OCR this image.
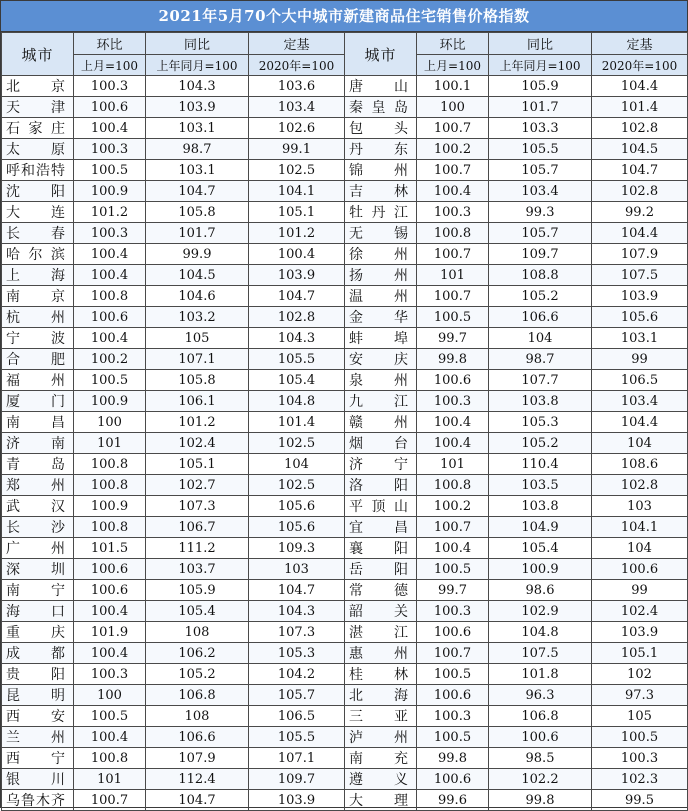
2021年5月70个大中城市新建商品住宅销售价格指数
城市	环比	同比	定基	城市	环比	同比	定基
	上月=100	上年同月=100	2020年=100		上月=100	上年同月=100	2020年=100
北京	100.3	104.3	103.6	唐山	100.1	105.9	104.4
天津	100.6	103.9	103.4	秦皇岛	100	101.7	101.4
石家庄	100.4	103.1	102.6	包头	100.7	103.3	102.8
太原	100.3	98.7	99.1	丹东	100.2	105.5	104.5
呼和浩特	100.5	103.1	102.5	锦州	100.7	105.7	104.7
沈阳	100.9	104.7	104.1	吉林	100.4	103.4	102.8
大连	101.2	105.8	105.1	牡丹江	100.3	99.3	99.2
长春	100.3	101.7	101.2	无锡	100.8	105.7	104.4
哈尔滨	100.4	99.9	100.4	徐州	100.7	109.7	107.9
上海	100.4	104.5	103.9	扬州	101	108.8	107.5
南京	100.8	104.6	104.7	温州	100.7	105.2	103.9
杭州	100.6	103.2	102.8	金华	100.5	106.6	105.6
宁波	100.4	105	104.3	蚌埠	99.7	104	103.1
合肥	100.2	107.1	105.5	安庆	99.8	98.7	99
福州	100.5	105.8	105.4	泉州	100.6	107.7	106.5
厦门	100.9	106.1	104.8	九江	100.3	103.8	103.4
南昌	100	101.2	101.4	赣州	100.4	105.3	104.4
济南	101	102.4	102.5	烟台	100.4	105.2	104
青岛	100.8	105.1	104	济宁	101	110.4	108.6
郑州	100.8	102.7	102.5	洛阳	100.8	103.5	102.8
武汉	100.9	107.3	105.6	平顶山	100.2	103.8	103
长沙	100.8	106.7	105.6	宜昌	100.7	104.9	104.1
广州	101.5	111.2	109.3	襄阳	100.4	105.4	104
深圳	100.6	103.7	103	岳阳	100.5	100.9	100.6
南宁	100.6	105.9	104.7	常德	99.7	98.6	99
海口	100.4	105.4	104.3	韶关	100.3	102.9	102.4
重庆	101.9	108	107.3	湛江	100.6	104.8	103.9
成都	100.4	106.2	105.3	惠州	100.7	107.5	105.1
贵阳	100.3	105.2	104.2	桂林	100.5	101.8	102
昆明	100	106.8	105.7	北海	100.6	96.3	97.3
西安	100.5	108	106.5	三亚	100.3	106.8	105
兰州	100.4	106.6	105.5	泸州	100.5	100.6	100.5
西宁	100.8	107.9	107.1	南充	99.8	98.5	100.3
银川	101	112.4	109.7	遵义	100.6	102.2	102.3
乌鲁木齐	100.7	104.7	103.9	大理	99.6	99.8	99.5
